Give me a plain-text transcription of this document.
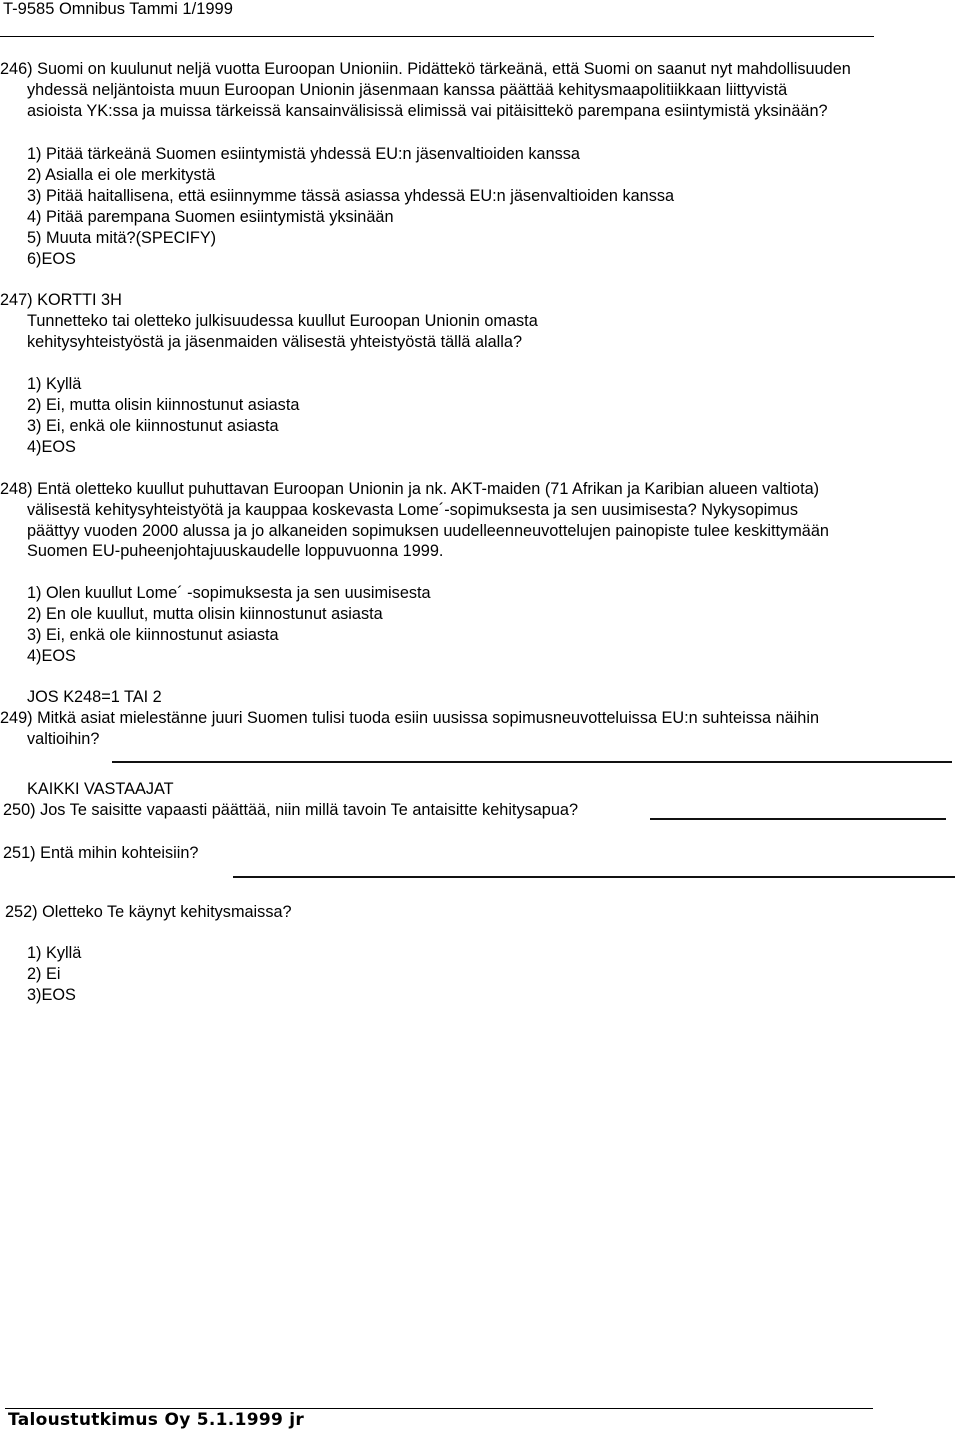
T-9585 Omnibus Tammi 1/1999
246) Suomi on kuulunut neljä vuotta Euroopan Unioniin. Pidättekö tärkeänä, että Suomi on saanut nyt mahdollisuuden
yhdessä neljäntoista muun Euroopan Unionin jäsenmaan kanssa päättää kehitysmaapolitiikkaan liittyvistä
asioista YK:ssa ja muissa tärkeissä kansainvälisissä elimissä vai pitäisittekö parempana esiintymistä yksinään?
1) Pitää tärkeänä Suomen esiintymistä yhdessä EU:n jäsenvaltioiden kanssa
2) Asialla ei ole merkitystä
3) Pitää haitallisena, että esiinnymme tässä asiassa yhdessä EU:n jäsenvaltioiden kanssa
4) Pitää parempana Suomen esiintymistä yksinään
5) Muuta mitä?(SPECIFY)
6)EOS
247) KORTTI 3H
Tunnetteko tai oletteko julkisuudessa kuullut Euroopan Unionin omasta
kehitysyhteistyöstä ja jäsenmaiden välisestä yhteistyöstä tällä alalla?
1) Kyllä
2) Ei, mutta olisin kiinnostunut asiasta
3) Ei, enkä ole kiinnostunut asiasta
4)EOS
248) Entä oletteko kuullut puhuttavan Euroopan Unionin ja nk. AKT-maiden (71 Afrikan ja Karibian alueen valtiota)
välisestä kehitysyhteistyötä ja kauppaa koskevasta Lome´-sopimuksesta ja sen uusimisesta? Nykysopimus
päättyy vuoden 2000 alussa ja jo alkaneiden sopimuksen uudelleenneuvottelujen painopiste tulee keskittymään
Suomen EU-puheenjohtajuuskaudelle loppuvuonna 1999.
1) Olen kuullut Lome´ -sopimuksesta ja sen uusimisesta
2) En ole kuullut, mutta olisin kiinnostunut asiasta
3) Ei, enkä ole kiinnostunut asiasta
4)EOS
JOS K248=1 TAI 2
249) Mitkä asiat mielestänne juuri Suomen tulisi tuoda esiin uusissa sopimusneuvotteluissa EU:n suhteissa näihin
valtioihin?
KAIKKI VASTAAJAT
250) Jos Te saisitte vapaasti päättää, niin millä tavoin Te antaisitte kehitysapua?
251) Entä mihin kohteisiin?
252) Oletteko Te käynyt kehitysmaissa?
1) Kyllä
2) Ei
3)EOS
Taloustutkimus Oy 5.1.1999 jr
